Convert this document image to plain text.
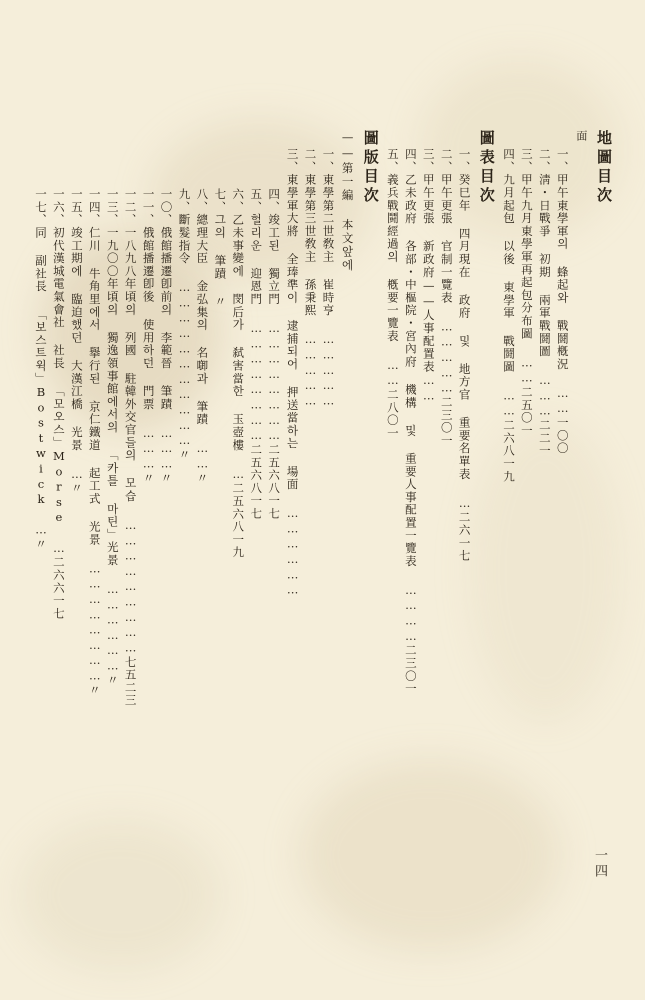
地圖目次
面
一、甲午東學軍의 蜂起와 戰鬪槪況 ……一〇〇
二、淸・日戰爭 初期 兩軍戰鬪圖 ………二二一
三、甲午九月東學軍再起包分布圖 ……二五〇一
四、九月起包 以後 東學軍 戰鬪圖 ……二六八一九
圖表目次
一、癸巳年 四月現在 政府 및 地方官 重要名單表 …二六一七
二、甲午更張 官制一覽表 ……………二三〇一
三、甲午更張 新政府——人事配置表……
四、乙未政府 各部・中樞院・宮內府 機構 및 重要人事配置一覽表 …………二三〇一
五、義兵戰鬪經過의 槪要一覽表 ……二八〇一
圖版目次
——第一編 本文앞에
一、東學第二世敎主 崔時亨 ……………
二、東學第三世敎主 孫秉熙 ……………
三、東學軍大將 全琫準이 逮捕되어 押送當하는 場面 ………………
四、竣工된 獨立門 ……………………二五六八一七
五、헐리운 迎恩門 ……………………二五六八一七
六、乙未事變에 閔后가 弑害當한 玉壺樓 …二五六八一九
七、그의 筆蹟 〃
八、總理大臣 金弘集의 名啣과 筆蹟 ……〃
九、斷髮指令 ……………………………〃
一〇、俄館播遷卽前의 李範晉 筆蹟 ………〃
一一、俄館播遷卽後 使用하던 門票 ………〃
一二、一八九八年頃의 列國 駐韓外交官들의 모습 ………………………七五二三
一三、一九〇〇年頃의 獨逸領事館에서의 「카틀 마틴」光景 ………………〃
一四、仁川 牛角里에서 擧行된 京仁鐵道 起工式 光景 ……………………〃
一五、竣工期에 臨迫했던 大漢江橋 光景 …〃
一六、初代漢城電氣會社 社長 「모오스」Morse …二六六一七
一七、同 副社長 「보스트윅」Bostwick …〃
一四
